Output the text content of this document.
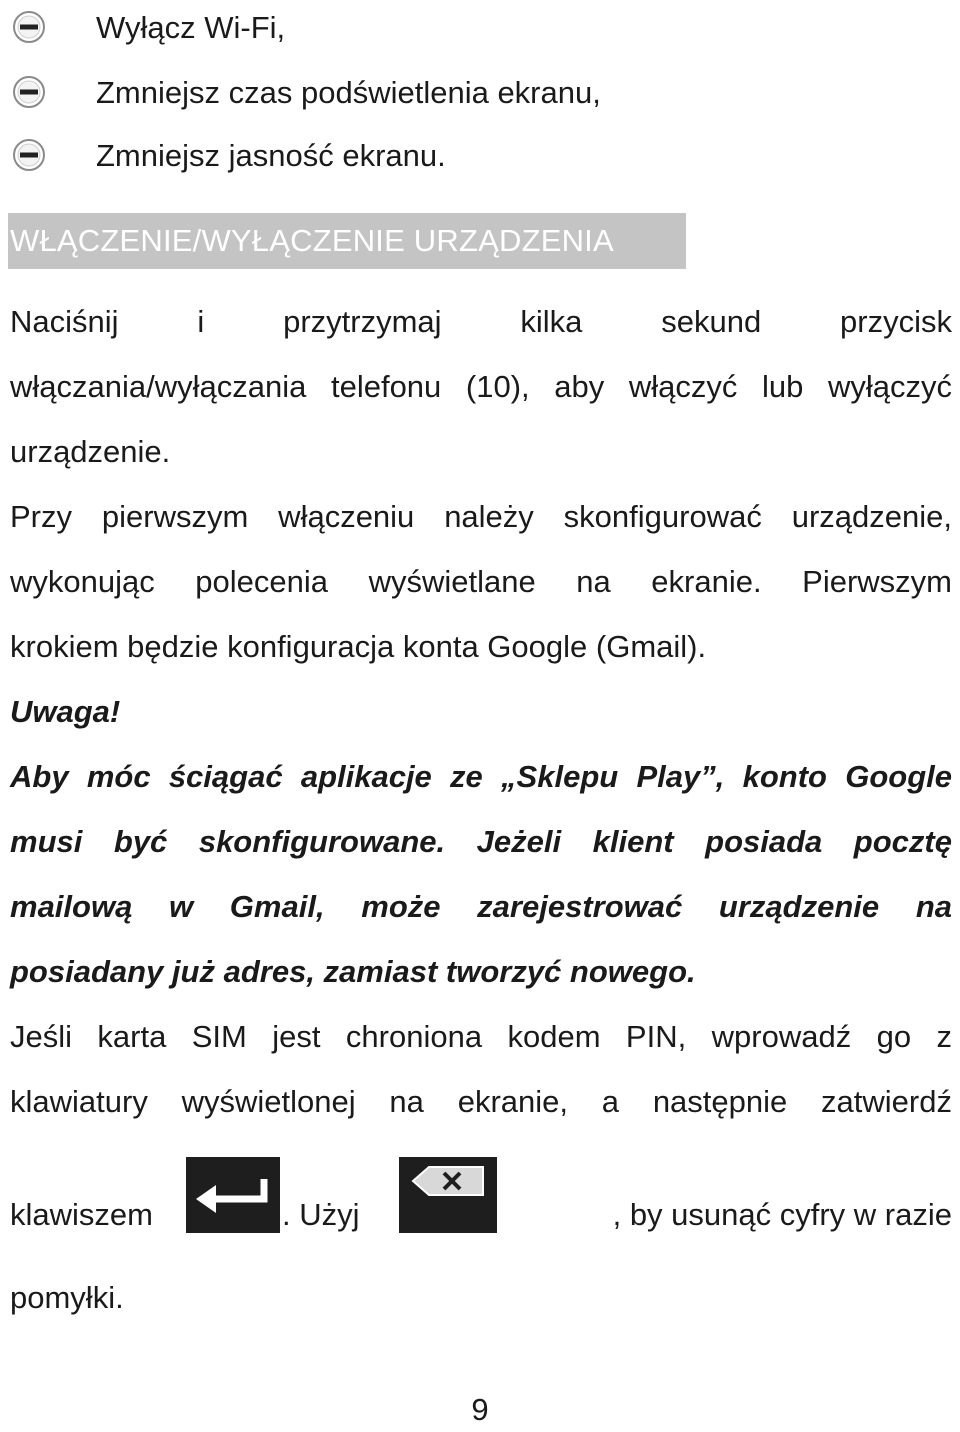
Wyłącz Wi-Fi,
Zmniejsz czas podświetlenia ekranu,
Zmniejsz jasność ekranu.
WŁĄCZENIE/WYŁĄCZENIE URZĄDZENIA
Naciśnij i przytrzymaj kilka sekund przycisk
włączania/wyłączania telefonu (10), aby włączyć lub wyłączyć
urządzenie.
Przy pierwszym włączeniu należy skonfigurować urządzenie,
wykonując polecenia wyświetlane na ekranie. Pierwszym
krokiem będzie konfiguracja konta Google (Gmail).
Uwaga!
Aby móc ściągać aplikacje ze „Sklepu Play”, konto Google
musi być skonfigurowane. Jeżeli klient posiada pocztę
mailową w Gmail, może zarejestrować urządzenie na
posiadany już adres, zamiast tworzyć nowego.
Jeśli karta SIM jest chroniona kodem PIN, wprowadź go z
klawiatury wyświetlonej na ekranie, a następnie zatwierdź
klawiszem	. Użyj	, by usunąć cyfry w razie
pomyłki.
9
